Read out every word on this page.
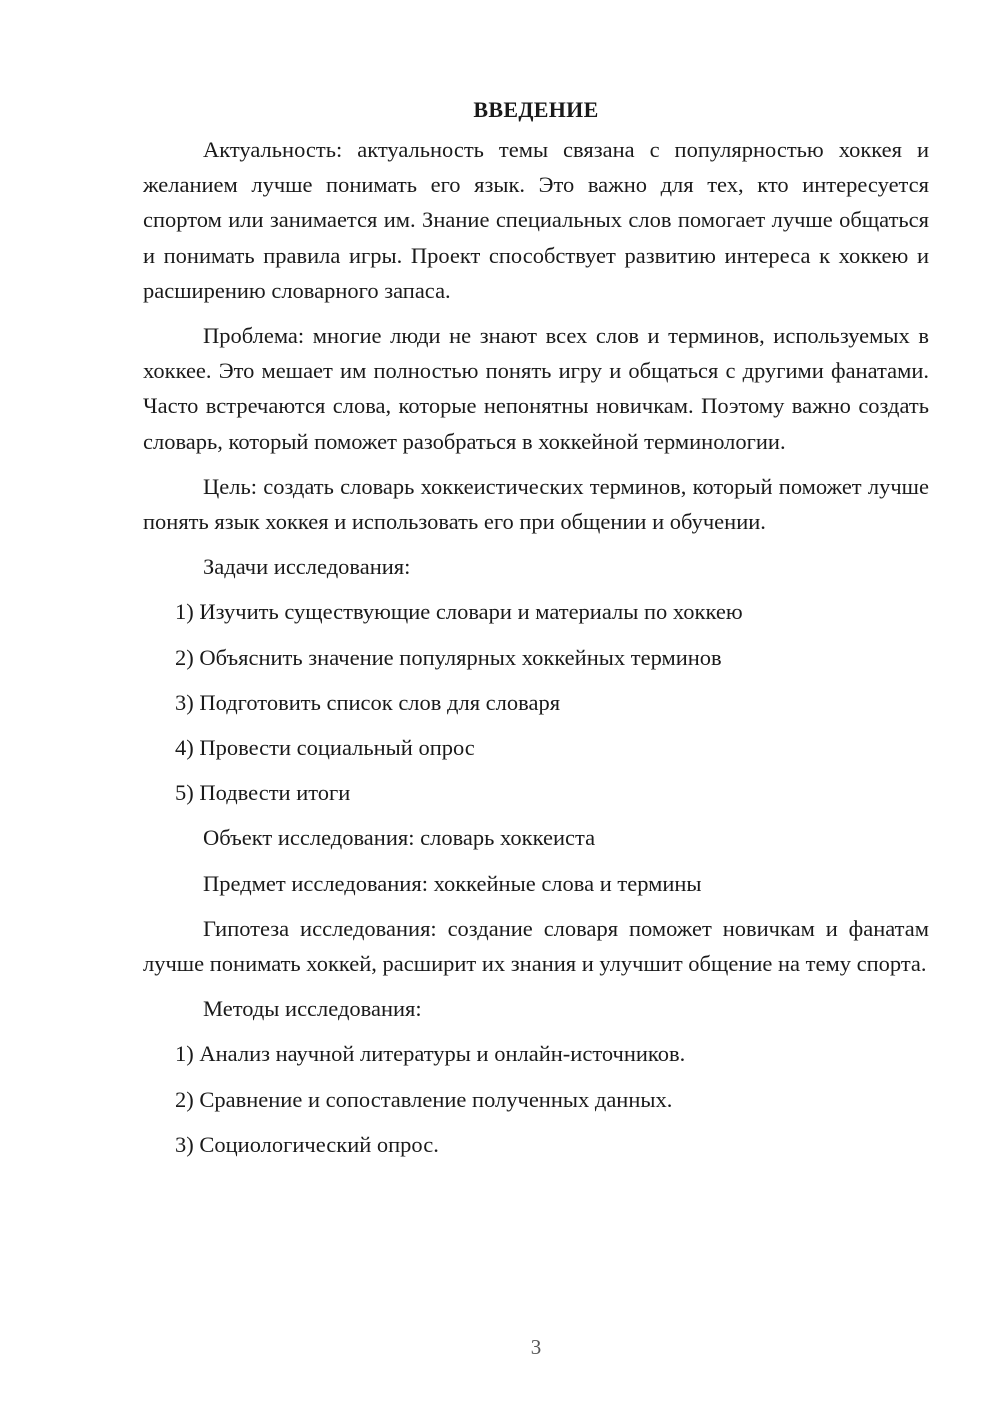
ВВЕДЕНИЕ

Актуальность: актуальность темы связана с популярностью хоккея и желанием лучше понимать его язык. Это важно для тех, кто интересуется спортом или занимается им. Знание специальных слов помогает лучше общаться и понимать правила игры. Проект способствует развитию интереса к хоккею и расширению словарного запаса.

Проблема: многие люди не знают всех слов и терминов, используемых в хоккее. Это мешает им полностью понять игру и общаться с другими фанатами. Часто встречаются слова, которые непонятны новичкам. Поэтому важно создать словарь, который поможет разобраться в хоккейной терминологии.

Цель: создать словарь хоккеистических терминов, который поможет лучше понять язык хоккея и использовать его при общении и обучении.

Задачи исследования:
1) Изучить существующие словари и материалы по хоккею
2) Объяснить значение популярных хоккейных терминов
3) Подготовить список слов для словаря
4) Провести социальный опрос
5) Подвести итоги
Объект исследования: словарь хоккеиста
Предмет исследования: хоккейные слова и термины

Гипотеза исследования: создание словаря поможет новичкам и фанатам лучше понимать хоккей, расширит их знания и улучшит общение на тему спорта.

Методы исследования:
1) Анализ научной литературы и онлайн-источников.
2) Сравнение и сопоставление полученных данных.
3) Социологический опрос.
3
